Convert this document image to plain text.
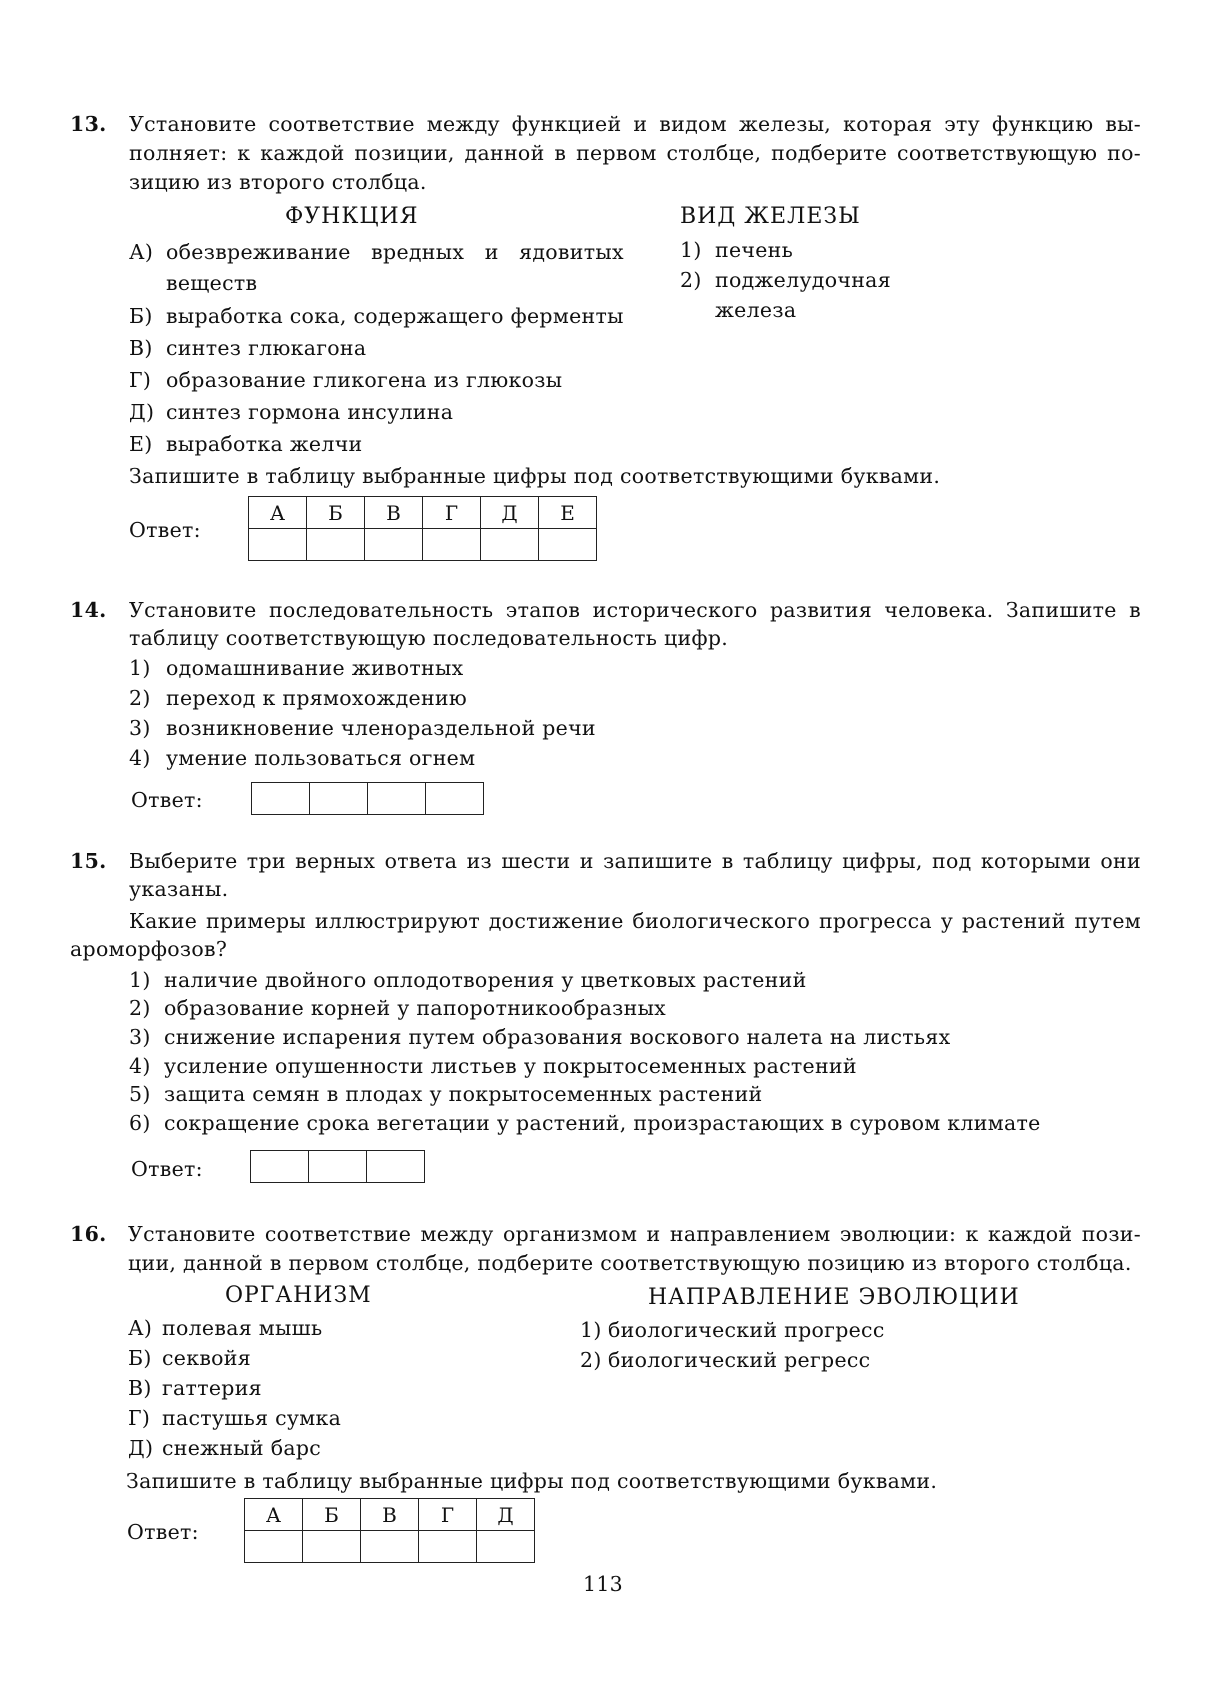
13. Установите соответствие между функцией и видом железы, которая эту функцию вы-
полняет: к каждой позиции, данной в первом столбце, подберите соответствующую по-
зицию из второго столбца.
ФУНКЦИЯ	ВИД ЖЕЛЕЗЫ
А) обезвреживание   вредных   и   ядовитых
веществ
Б) выработка сока, содержащего ферменты
В) синтез глюкагона
Г) образование гликогена из глюкозы
Д) синтез гормона инсулина
Е) выработка желчи
1) печень
2) поджелудочная
железа
Запишите в таблицу выбранные цифры под соответствующими буквами.
Ответ:
А	Б	В	Г	Д	Е

14. Установите последовательность этапов исторического развития человека. Запишите в
таблицу соответствующую последовательность цифр.
1) одомашнивание животных
2) переход к прямохождению
3) возникновение членораздельной речи
4) умение пользоваться огнем
Ответ:
15. Выберите три верных ответа из шести и запишите в таблицу цифры, под которыми они
указаны.
Какие примеры иллюстрируют достижение биологического прогресса у растений путем
ароморфозов?
1) наличие двойного оплодотворения у цветковых растений
2) образование корней у папоротникообразных
3) снижение испарения путем образования воскового налета на листьях
4) усиление опушенности листьев у покрытосеменных растений
5) защита семян в плодах у покрытосеменных растений
6) сокращение срока вегетации у растений, произрастающих в суровом климате
Ответ:
16. Установите соответствие между организмом и направлением эволюции: к каждой пози-
ции, данной в первом столбце, подберите соответствующую позицию из второго столбца.
ОРГАНИЗМ	НАПРАВЛЕНИЕ ЭВОЛЮЦИИ
А) полевая мышь
Б) секвойя
В) гаттерия
Г) пастушья сумка
Д) снежный барс
1) биологический прогресс
2) биологический регресс
Запишите в таблицу выбранные цифры под соответствующими буквами.
Ответ:
А	Б	В	Г	Д

113
